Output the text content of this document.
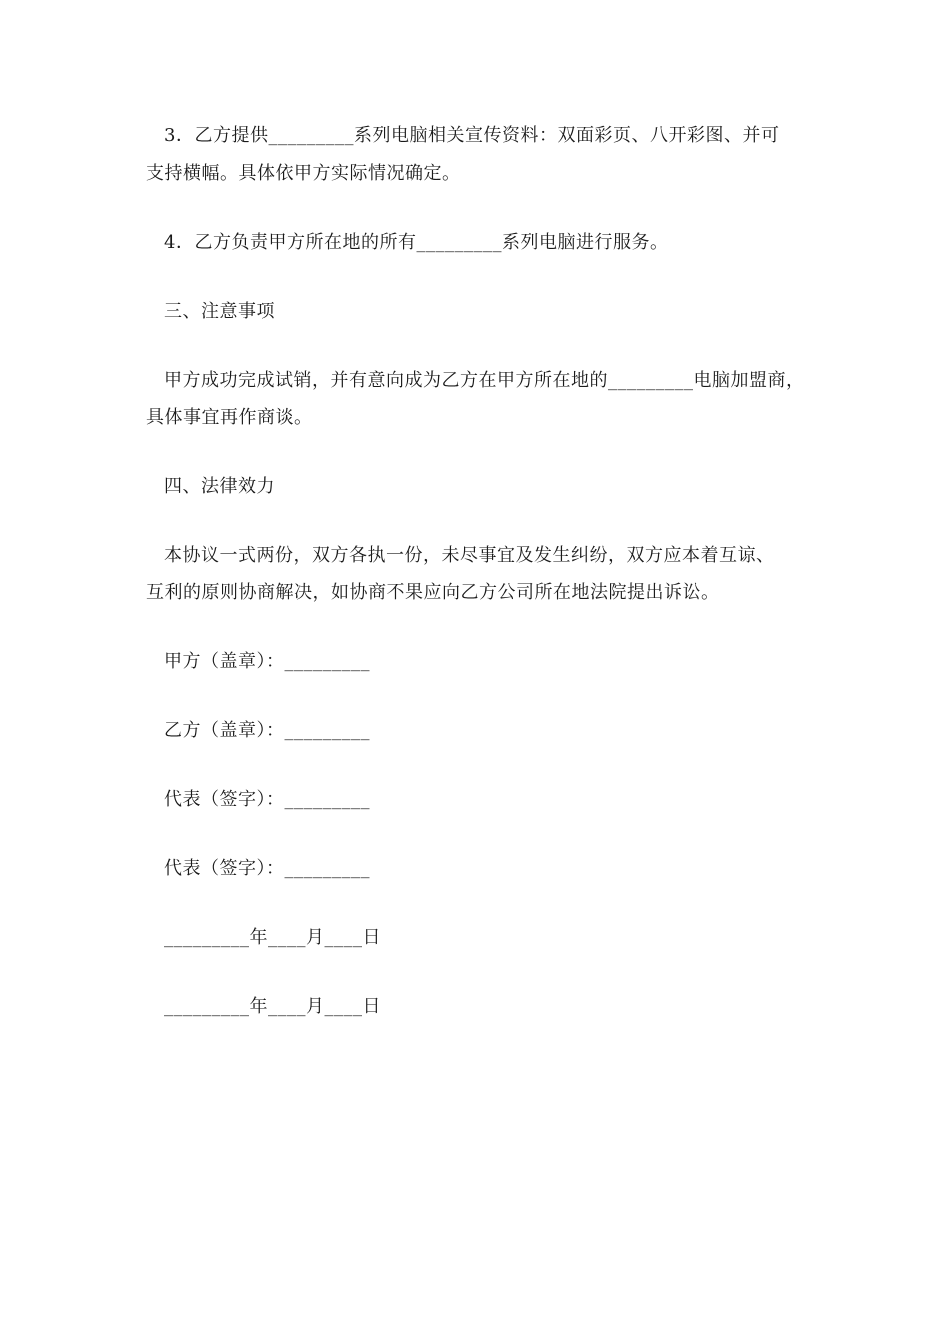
3．乙方提供_________系列电脑相关宣传资料：双面彩页、八开彩图、并可
支持横幅。具体依甲方实际情况确定。
4．乙方负责甲方所在地的所有_________系列电脑进行服务。
三、注意事项
甲方成功完成试销，并有意向成为乙方在甲方所在地的_________电脑加盟商，
具体事宜再作商谈。
四、法律效力
本协议一式两份，双方各执一份，未尽事宜及发生纠纷，双方应本着互谅、
互利的原则协商解决，如协商不果应向乙方公司所在地法院提出诉讼。
甲方（盖章）：_________
乙方（盖章）：_________
代表（签字）：_________
代表（签字）：_________
_________年____月____日
_________年____月____日
